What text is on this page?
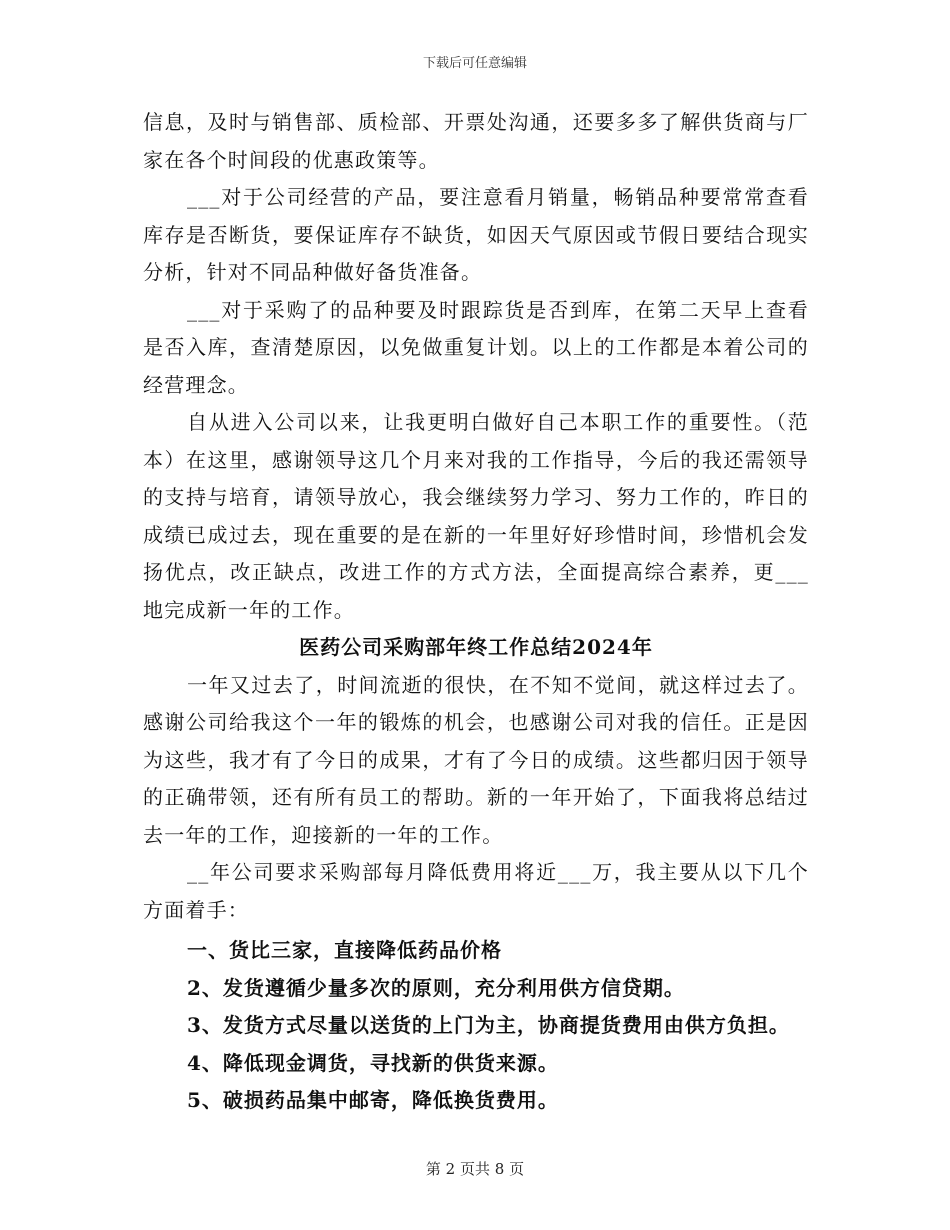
下载后可任意编辑

信息，及时与销售部、质检部、开票处沟通，还要多多了解供货商与厂家在各个时间段的优惠政策等。

___对于公司经营的产品，要注意看月销量，畅销品种要常常查看库存是否断货，要保证库存不缺货，如因天气原因或节假日要结合现实分析，针对不同品种做好备货准备。

___对于采购了的品种要及时跟踪货是否到库，在第二天早上查看是否入库，查清楚原因，以免做重复计划。以上的工作都是本着公司的经营理念。

自从进入公司以来，让我更明白做好自己本职工作的重要性。（范本）在这里，感谢领导这几个月来对我的工作指导，今后的我还需领导的支持与培育，请领导放心，我会继续努力学习、努力工作的，昨日的成绩已成过去，现在重要的是在新的一年里好好珍惜时间，珍惜机会发扬优点，改正缺点，改进工作的方式方法，全面提高综合素养，更___地完成新一年的工作。

医药公司采购部年终工作总结2024年

一年又过去了，时间流逝的很快，在不知不觉间，就这样过去了。感谢公司给我这个一年的锻炼的机会，也感谢公司对我的信任。正是因为这些，我才有了今日的成果，才有了今日的成绩。这些都归因于领导的正确带领，还有所有员工的帮助。新的一年开始了，下面我将总结过去一年的工作，迎接新的一年的工作。

__年公司要求采购部每月降低费用将近___万，我主要从以下几个方面着手：

一、货比三家，直接降低药品价格
2、发货遵循少量多次的原则，充分利用供方信贷期。
3、发货方式尽量以送货的上门为主，协商提货费用由供方负担。
4、降低现金调货，寻找新的供货来源。
5、破损药品集中邮寄，降低换货费用。
第 2 页共 8 页
